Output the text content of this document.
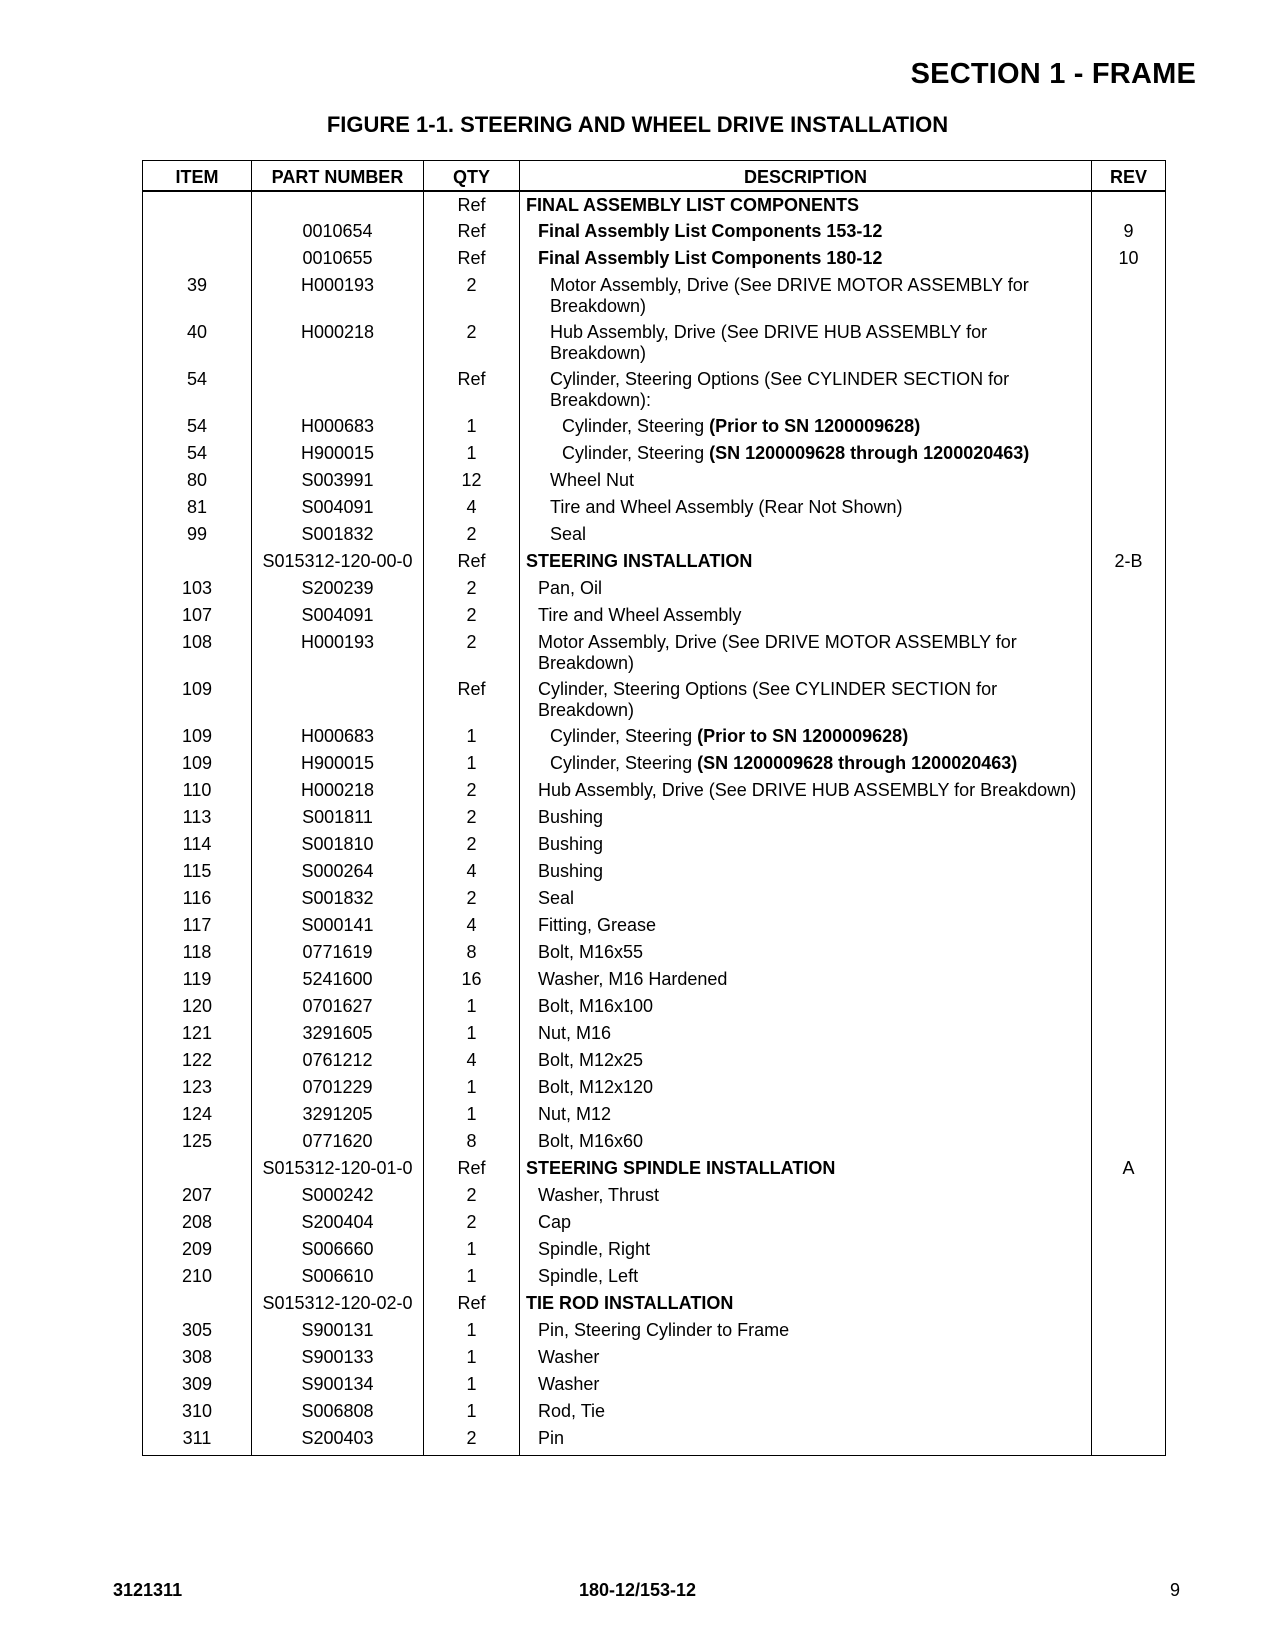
SECTION 1 - FRAME
FIGURE 1-1. STEERING AND WHEEL DRIVE INSTALLATION
ITEM	PART NUMBER	QTY	DESCRIPTION	REV
		Ref	FINAL ASSEMBLY LIST COMPONENTS	
	0010654	Ref	Final Assembly List Components 153-12	9
	0010655	Ref	Final Assembly List Components 180-12	10
39	H000193	2	Motor Assembly, Drive (See DRIVE MOTOR ASSEMBLY for Breakdown)	
40	H000218	2	Hub Assembly, Drive (See DRIVE HUB ASSEMBLY for Breakdown)	
54		Ref	Cylinder, Steering Options (See CYLINDER SECTION for Breakdown):	
54	H000683	1	Cylinder, Steering (Prior to SN 1200009628)	
54	H900015	1	Cylinder, Steering (SN 1200009628 through 1200020463)	
80	S003991	12	Wheel Nut	
81	S004091	4	Tire and Wheel Assembly (Rear Not Shown)	
99	S001832	2	Seal	
	S015312-120-00-0	Ref	STEERING INSTALLATION	2-B
103	S200239	2	Pan, Oil	
107	S004091	2	Tire and Wheel Assembly	
108	H000193	2	Motor Assembly, Drive (See DRIVE MOTOR ASSEMBLY for Breakdown)	
109		Ref	Cylinder, Steering Options (See CYLINDER SECTION for Breakdown)	
109	H000683	1	Cylinder, Steering (Prior to SN 1200009628)	
109	H900015	1	Cylinder, Steering (SN 1200009628 through 1200020463)	
110	H000218	2	Hub Assembly, Drive (See DRIVE HUB ASSEMBLY for Breakdown)	
113	S001811	2	Bushing	
114	S001810	2	Bushing	
115	S000264	4	Bushing	
116	S001832	2	Seal	
117	S000141	4	Fitting, Grease	
118	0771619	8	Bolt, M16x55	
119	5241600	16	Washer, M16 Hardened	
120	0701627	1	Bolt, M16x100	
121	3291605	1	Nut, M16	
122	0761212	4	Bolt, M12x25	
123	0701229	1	Bolt, M12x120	
124	3291205	1	Nut, M12	
125	0771620	8	Bolt, M16x60	
	S015312-120-01-0	Ref	STEERING SPINDLE INSTALLATION	A
207	S000242	2	Washer, Thrust	
208	S200404	2	Cap	
209	S006660	1	Spindle, Right	
210	S006610	1	Spindle, Left	
	S015312-120-02-0	Ref	TIE ROD INSTALLATION	
305	S900131	1	Pin, Steering Cylinder to Frame	
308	S900133	1	Washer	
309	S900134	1	Washer	
310	S006808	1	Rod, Tie	
311	S200403	2	Pin	
3121311	180-12/153-12	9
